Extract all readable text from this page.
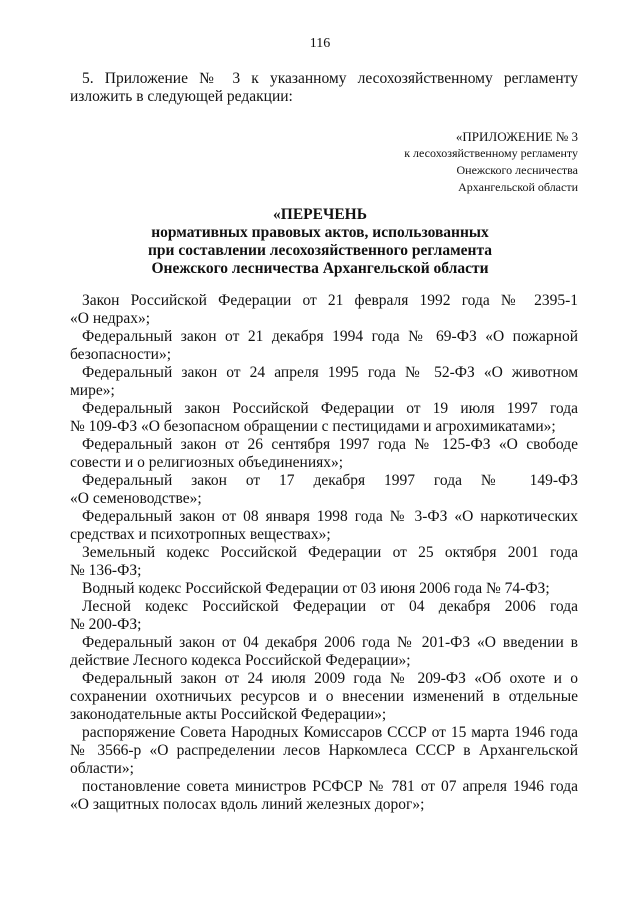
116
5. Приложение № 3 к указанному лесохозяйственному регламенту изложить в следующей редакции:
«ПРИЛОЖЕНИЕ № 3
к лесохозяйственному регламенту
Онежского лесничества
Архангельской области
«ПЕРЕЧЕНЬ
нормативных правовых актов, использованных
при составлении лесохозяйственного регламента
Онежского лесничества Архангельской области

Закон Российской Федерации от 21 февраля 1992 года № 2395-1
«О недрах»;

Федеральный закон от 21 декабря 1994 года № 69-ФЗ «О пожарной
безопасности»;

Федеральный закон от 24 апреля 1995 года № 52-ФЗ «О животном
мире»;

Федеральный закон Российской Федерации от 19 июля 1997 года
№ 109-ФЗ «О безопасном обращении с пестицидами и агрохимикатами»;

Федеральный закон от 26 сентября 1997 года № 125-ФЗ «О свободе
совести и о религиозных объединениях»;

Федеральный закон от 17 декабря 1997 года № 149-ФЗ
«О семеноводстве»;

Федеральный закон от 08 января 1998 года № 3-ФЗ «О наркотических
средствах и психотропных веществах»;

Земельный кодекс Российской Федерации от 25 октября 2001 года
№ 136-ФЗ;

Водный кодекс Российской Федерации от 03 июня 2006 года № 74-ФЗ;

Лесной кодекс Российской Федерации от 04 декабря 2006 года
№ 200-ФЗ;

Федеральный закон от 04 декабря 2006 года № 201-ФЗ «О введении в
действие Лесного кодекса Российской Федерации»;

Федеральный закон от 24 июля 2009 года № 209-ФЗ «Об охоте и о
сохранении охотничьих ресурсов и о внесении изменений в отдельные
законодательные акты Российской Федерации»;

распоряжение Совета Народных Комиссаров СССР от 15 марта 1946 года
№ 3566-р «О распределении лесов Наркомлеса СССР в Архангельской
области»;

постановление совета министров РСФСР № 781 от 07 апреля 1946 года
«О защитных полосах вдоль линий железных дорог»;
